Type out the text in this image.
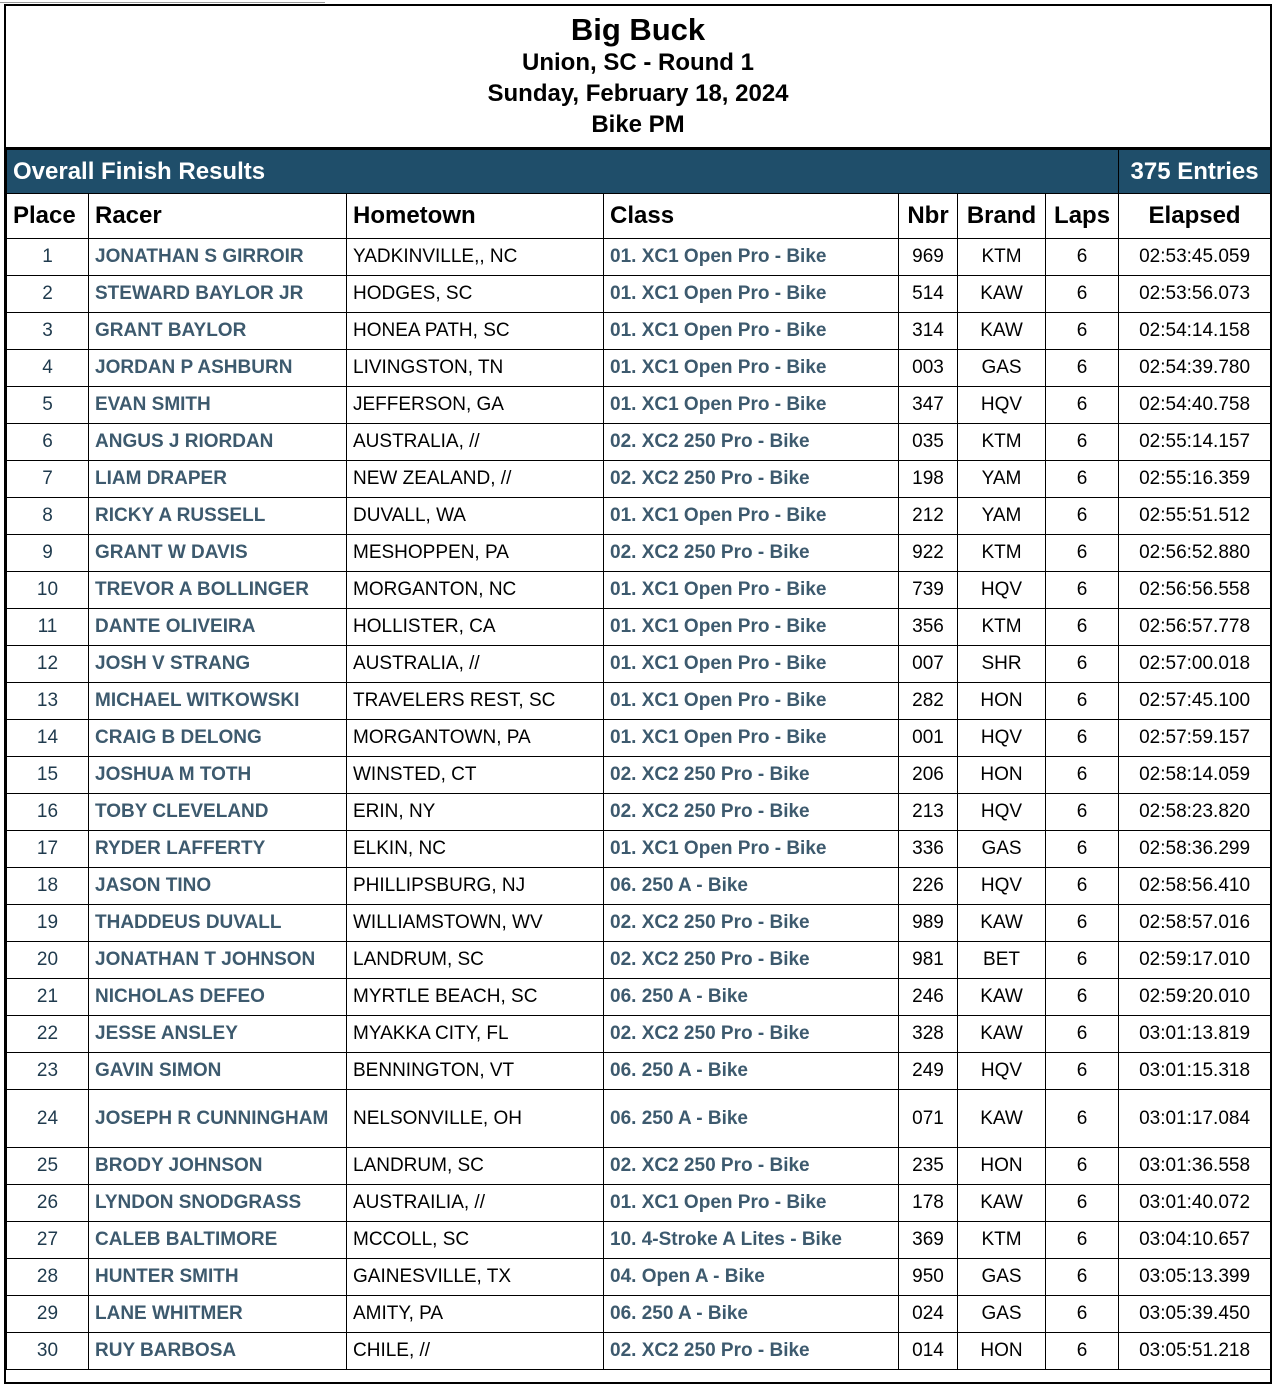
Big Buck
Union, SC - Round 1
Sunday, February 18, 2024
Bike PM
Overall Finish Results							375 Entries
Place	Racer	Hometown	Class	Nbr	Brand	Laps	Elapsed
1	JONATHAN S GIRROIR	YADKINVILLE,, NC	01. XC1 Open Pro - Bike	969	KTM	6	02:53:45.059
2	STEWARD BAYLOR JR	HODGES, SC	01. XC1 Open Pro - Bike	514	KAW	6	02:53:56.073
3	GRANT BAYLOR	HONEA PATH, SC	01. XC1 Open Pro - Bike	314	KAW	6	02:54:14.158
4	JORDAN P ASHBURN	LIVINGSTON, TN	01. XC1 Open Pro - Bike	003	GAS	6	02:54:39.780
5	EVAN SMITH	JEFFERSON, GA	01. XC1 Open Pro - Bike	347	HQV	6	02:54:40.758
6	ANGUS J RIORDAN	AUSTRALIA, //	02. XC2 250 Pro - Bike	035	KTM	6	02:55:14.157
7	LIAM DRAPER	NEW ZEALAND, //	02. XC2 250 Pro - Bike	198	YAM	6	02:55:16.359
8	RICKY A RUSSELL	DUVALL, WA	01. XC1 Open Pro - Bike	212	YAM	6	02:55:51.512
9	GRANT W DAVIS	MESHOPPEN, PA	02. XC2 250 Pro - Bike	922	KTM	6	02:56:52.880
10	TREVOR A BOLLINGER	MORGANTON, NC	01. XC1 Open Pro - Bike	739	HQV	6	02:56:56.558
11	DANTE OLIVEIRA	HOLLISTER, CA	01. XC1 Open Pro - Bike	356	KTM	6	02:56:57.778
12	JOSH V STRANG	AUSTRALIA, //	01. XC1 Open Pro - Bike	007	SHR	6	02:57:00.018
13	MICHAEL WITKOWSKI	TRAVELERS REST, SC	01. XC1 Open Pro - Bike	282	HON	6	02:57:45.100
14	CRAIG B DELONG	MORGANTOWN, PA	01. XC1 Open Pro - Bike	001	HQV	6	02:57:59.157
15	JOSHUA M TOTH	WINSTED, CT	02. XC2 250 Pro - Bike	206	HON	6	02:58:14.059
16	TOBY CLEVELAND	ERIN, NY	02. XC2 250 Pro - Bike	213	HQV	6	02:58:23.820
17	RYDER LAFFERTY	ELKIN, NC	01. XC1 Open Pro - Bike	336	GAS	6	02:58:36.299
18	JASON TINO	PHILLIPSBURG, NJ	06. 250 A - Bike	226	HQV	6	02:58:56.410
19	THADDEUS DUVALL	WILLIAMSTOWN, WV	02. XC2 250 Pro - Bike	989	KAW	6	02:58:57.016
20	JONATHAN T JOHNSON	LANDRUM, SC	02. XC2 250 Pro - Bike	981	BET	6	02:59:17.010
21	NICHOLAS DEFEO	MYRTLE BEACH, SC	06. 250 A - Bike	246	KAW	6	02:59:20.010
22	JESSE ANSLEY	MYAKKA CITY, FL	02. XC2 250 Pro - Bike	328	KAW	6	03:01:13.819
23	GAVIN SIMON	BENNINGTON, VT	06. 250 A - Bike	249	HQV	6	03:01:15.318
24	JOSEPH R CUNNINGHAM	NELSONVILLE, OH	06. 250 A - Bike	071	KAW	6	03:01:17.084
25	BRODY JOHNSON	LANDRUM, SC	02. XC2 250 Pro - Bike	235	HON	6	03:01:36.558
26	LYNDON SNODGRASS	AUSTRAILIA, //	01. XC1 Open Pro - Bike	178	KAW	6	03:01:40.072
27	CALEB BALTIMORE	MCCOLL, SC	10. 4-Stroke A Lites - Bike	369	KTM	6	03:04:10.657
28	HUNTER SMITH	GAINESVILLE, TX	04. Open A - Bike	950	GAS	6	03:05:13.399
29	LANE WHITMER	AMITY, PA	06. 250 A - Bike	024	GAS	6	03:05:39.450
30	RUY BARBOSA	CHILE, //	02. XC2 250 Pro - Bike	014	HON	6	03:05:51.218
